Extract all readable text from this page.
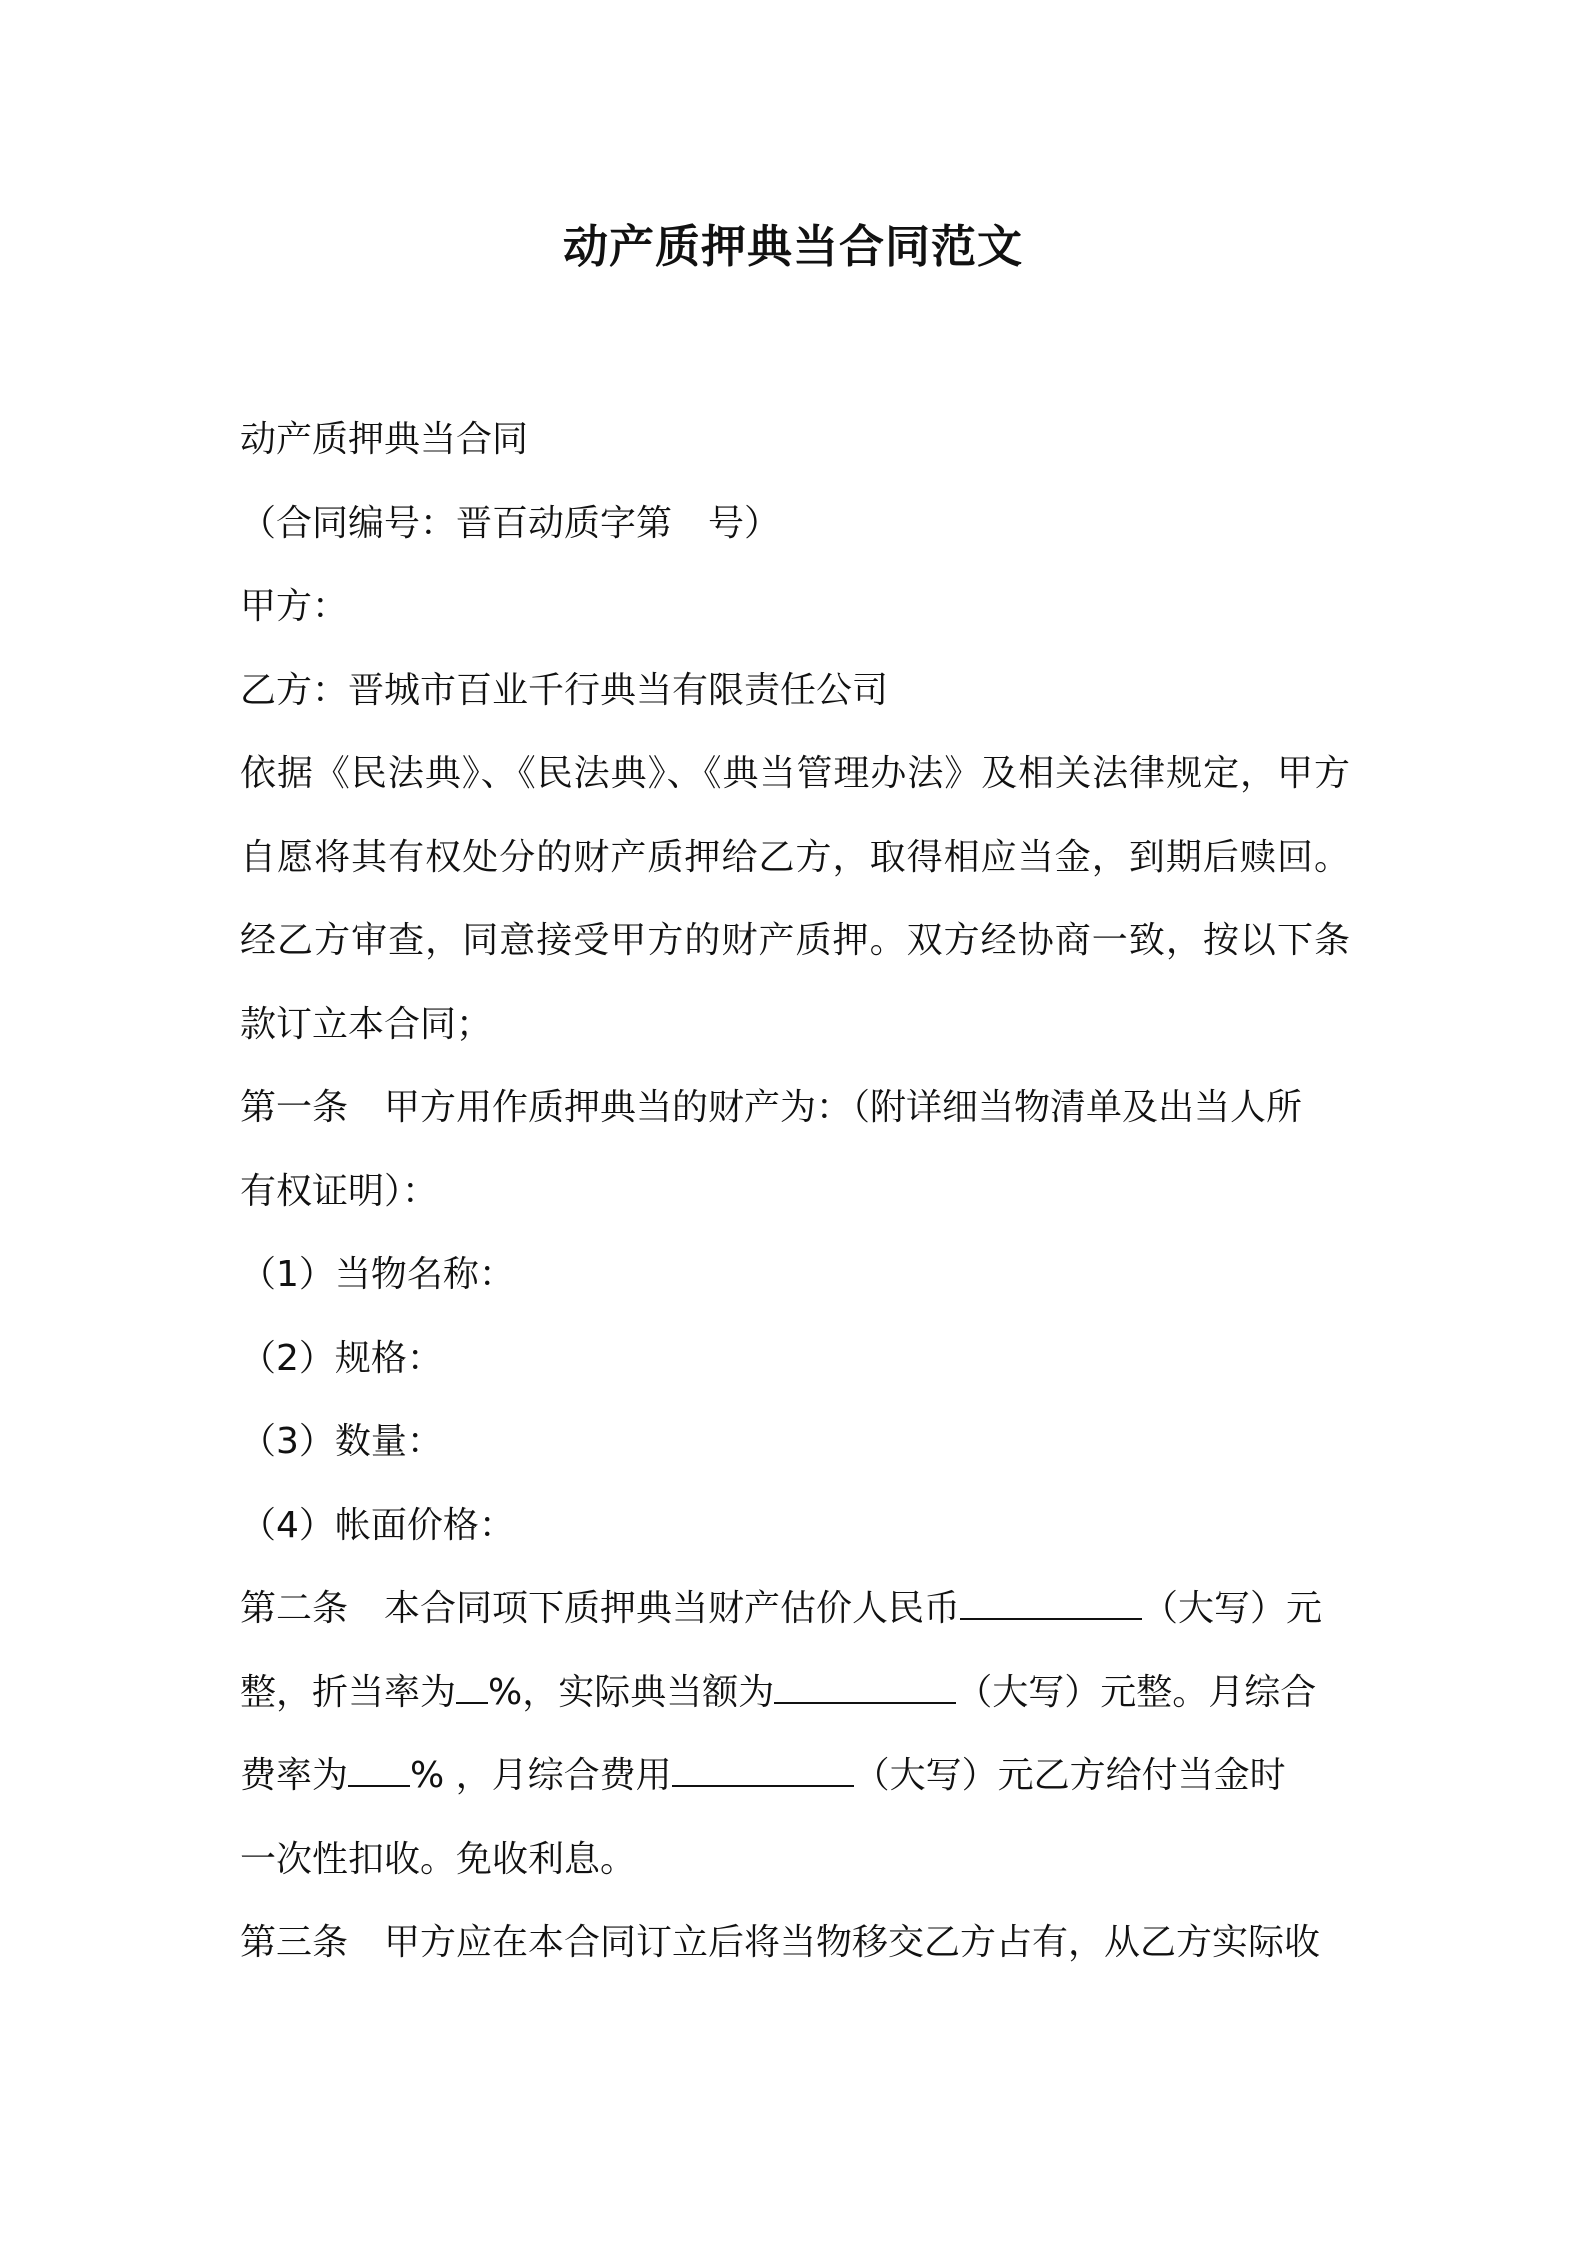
动产质押典当合同范文
动产质押典当合同
（合同编号：晋百动质字第　号）
甲方：
乙方：晋城市百业千行典当有限责任公司
依据《民法典》、《民法典》、《典当管理办法》及相关法律规定，甲方
自愿将其有权处分的财产质押给乙方，取得相应当金，到期后赎回。
经乙方审查，同意接受甲方的财产质押。双方经协商一致，按以下条
款订立本合同；
第一条 甲方用作质押典当的财产为：（附详细当物清单及出当人所
有权证明）：
（1）当物名称：
（2）规格：
（3）数量：
（4）帐面价格：
第二条 本合同项下质押典当财产估价人民币	（大写）元
整，折当率为 %，实际典当额为	（大写）元整。月综合
费率为 % ，月综合费用	（大写）元乙方给付当金时
一次性扣收。免收利息。
第三条 甲方应在本合同订立后将当物移交乙方占有，从乙方实际收
